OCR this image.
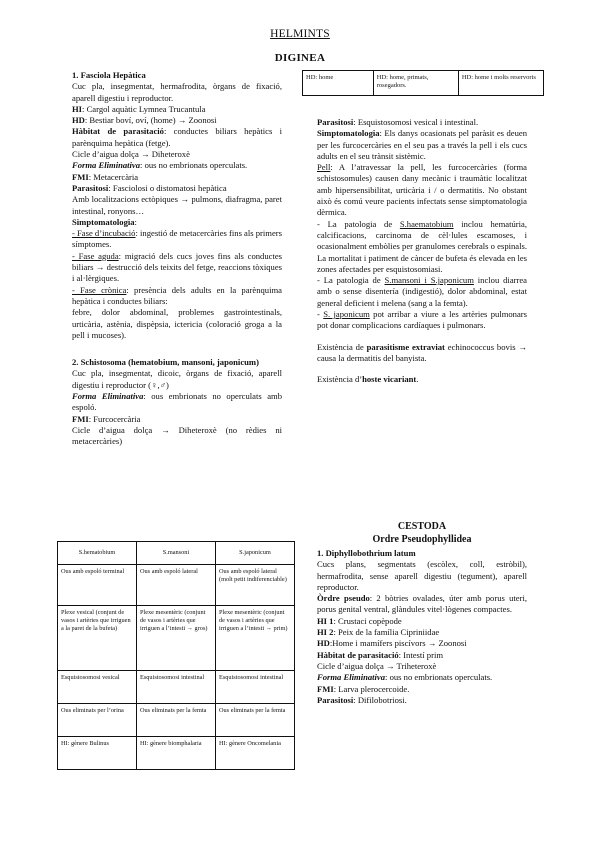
HELMINTS
DIGINEA

1. Fasciola Hepàtica

Cuc pla, insegmentat, hermafrodita, òrgans de fixació, aparell digestiu i reproductor.

HI: Cargol aquàtic Lymnea Trucantula

HD: Bestiar boví, oví, (home) → Zoonosi

Hàbitat de parasitació: conductes biliars hepàtics i parènquima hepàtica (fetge).

Cicle d’aigua dolça → Diheteroxè

Forma Eliminativa: ous no embrionats operculats.

FMI: Metacercària

Parasitosi: Fasciolosi o distomatosi hepàtica

Amb localitzacions ectòpiques → pulmons, diafragma, paret intestinal, ronyons…

Simptomatologia:

- Fase d’incubació: ingestió de metacercàries fins als primers símptomes.

- Fase aguda: migració dels cucs joves fins als conductes biliars → destrucció dels teixits del fetge, reaccions tòxiques i al·lèrgiques.

- Fase crònica: presència dels adults en la parènquima hepàtica i conductes biliars:

febre, dolor abdominal, problemes gastrointestinals, urticària, astènia, dispèpsia, ictericia (coloració groga a la pell i mucoses).

2. Schistosoma (hematobium, mansoni, japonicum)

Cuc pla, insegmentat, dicoic, òrgans de fixació, aparell digestiu i reproductor (♀,♂)

Forma Eliminativa: ous embrionats no operculats amb espoló.

FMI: Furcocercària

Cicle d’aigua dolça → Diheteroxè (no rèdies ni metacercàries)

HD: home	HD: home, primats, rosegadors.	HD: home i molts reservoris

Parasitosi: Esquistosomosi vesical i intestinal.

Simptomatologia: Els danys ocasionats pel paràsit es deuen per les furcocercàries en el seu pas a través la pell i els cucs adults en el seu trànsit sistèmic.

Pell: A l’atravessar la pell, les furcocercàries (forma schistosomules) causen dany mecànic i traumàtic localitzat amb hipersensibilitat, urticària i / o dermatitis. No obstant això és comú veure pacients infectats sense simptomatologia dèrmica.

- La patologia de S.haematobium inclou hematúria, calcificacions, carcinoma de cèl·lules escamoses, i ocasionalment embòlies per granulomes cerebrals o espinals. La mortalitat i patiment de càncer de bufeta és elevada en les zones afectades per esquistosomiasi.

- La patologia de S.mansoni i S.japonicum inclou diarrea amb o sense disentería (indigestió), dolor abdominal, estat general deficient i melena (sang a la femta).

- S. japonicum pot arribar a viure a les artèries pulmonars pot donar complicacions cardíaques i pulmonars.

Existència de parasitisme extraviat echinococcus bovis → causa la dermatitis del banyista.

Existència d’hoste vicariant.

CESTODA

Ordre Pseudophyllidea

1. Diphyllobothrium latum

Cucs plans, segmentats (escòlex, coll, estròbil), hermafrodita, sense aparell digestiu (tegument), aparell reproductor.

Òrdre pseudo: 2 bòtries ovalades, úter amb porus uteri, porus genital ventral, glàndules vitel·lògenes compactes.

HI 1: Crustaci copèpode

HI 2: Peix de la família Cipriniidae

HD:Home i mamífers piscívors → Zoonosi

Hàbitat de parasitació: Intestí prim

Cicle d’aigua dolça → Triheteroxè

Forma Eliminativa: ous no embrionats operculats.

FMI: Larva plerocercoide.

Parasitosi: Difilobotriosi.

S.hematobium	S.mansoni	S.japonicum
Ous amb espoló terminal	Ous amb espoló lateral	Ous amb espoló lateral (molt petit indiferenciable)
Plexe vesical (conjunt de vasos i artèries que irriguen a la paret de la bufeta)	Plexe mesentèric (conjunt de vasos i artèries que irriguen a l’intesti → gros)	Plexe mesentèric (conjunt de vasos i artèries que irriguen a l’intesti → prim)
Esquistosomosi vesical	Esquistosomosi intestinal	Esquistosomosi intestinal
Ous eliminats per l’orina	Ous eliminats per la femta	Ous eliminats per la femta
HI: gènere Bulinus	HI: gènere biomphalaria	HI: gènere Oncomelania
